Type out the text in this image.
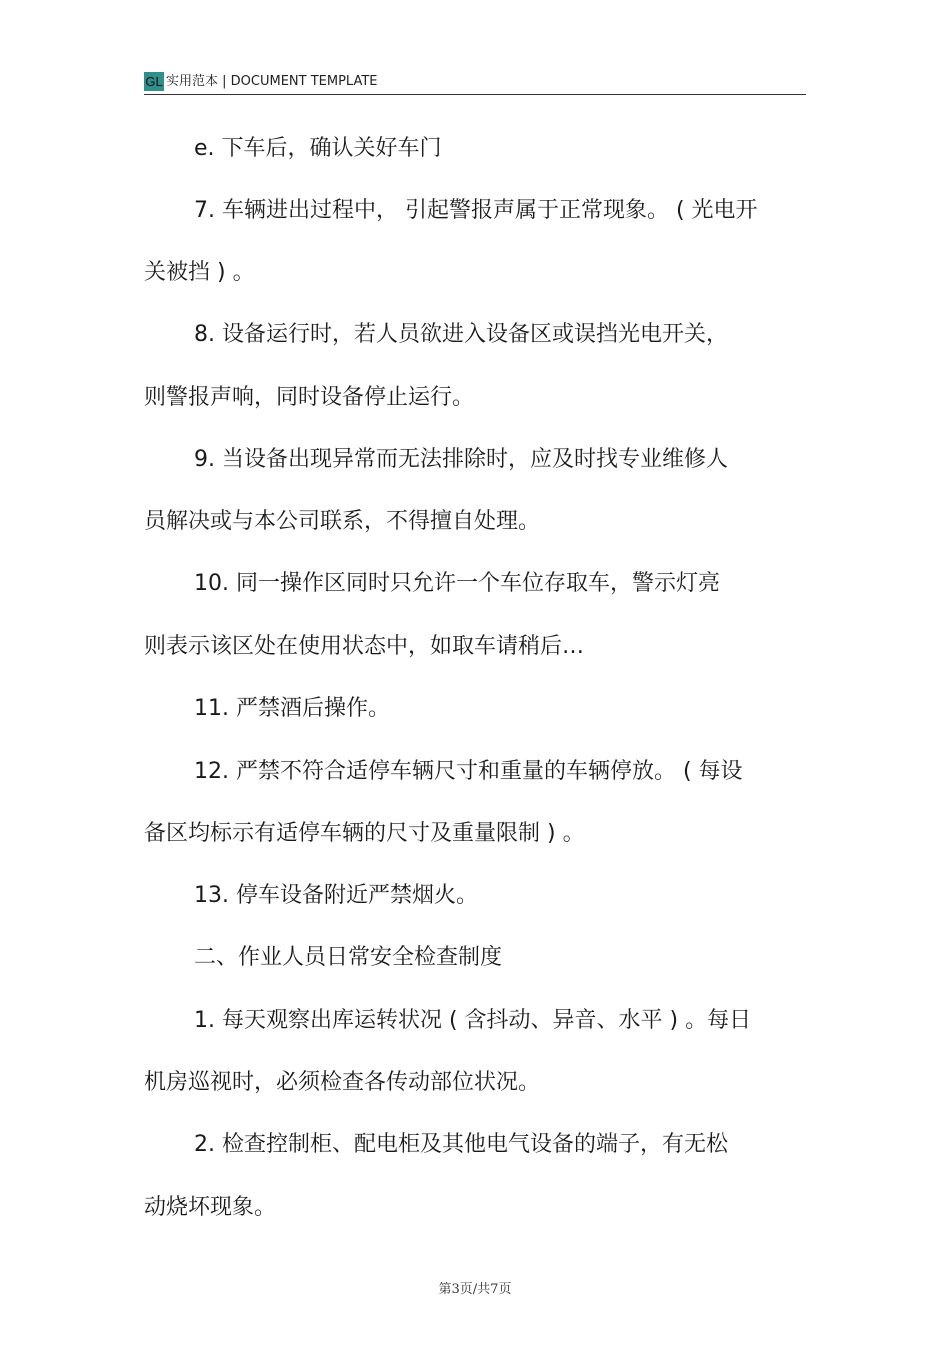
GL 实用范本 | DOCUMENT TEMPLATE
e. 下车后，确认关好车门
7. 车辆进出过程中， 引起警报声属于正常现象。 ( 光电开
关被挡 ) 。
8. 设备运行时，若人员欲进入设备区或误挡光电开关，
则警报声响，同时设备停止运行。
9. 当设备出现异常而无法排除时，应及时找专业维修人
员解决或与本公司联系，不得擅自处理。
10. 同一操作区同时只允许一个车位存取车，警示灯亮
则表示该区处在使用状态中，如取车请稍后…
11. 严禁酒后操作。
12. 严禁不符合适停车辆尺寸和重量的车辆停放。 ( 每设
备区均标示有适停车辆的尺寸及重量限制 ) 。
13. 停车设备附近严禁烟火。
二、作业人员日常安全检查制度
1. 每天观察出库运转状况 ( 含抖动、异音、水平 ) 。每日
机房巡视时，必须检查各传动部位状况。
2. 检查控制柜、配电柜及其他电气设备的端子，有无松
动烧坏现象。
第3页/共7页
